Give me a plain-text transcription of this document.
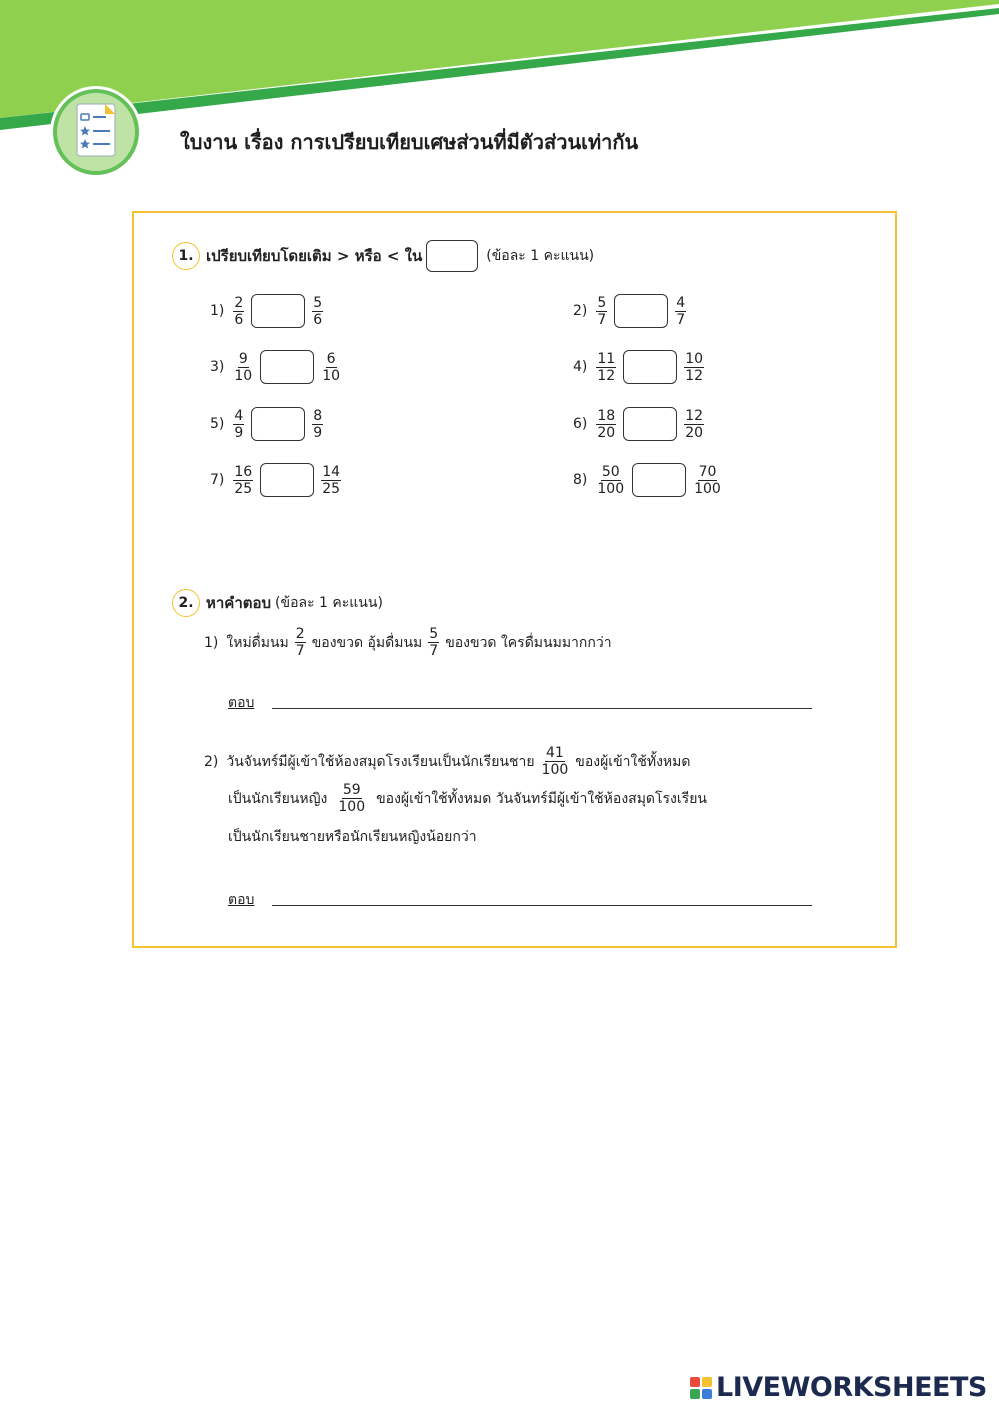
ใบงาน เรื่อง การเปรียบเทียบเศษส่วนที่มีตัวส่วนเท่ากัน
1. เปรียบเทียบโดยเติม > หรือ < ใน	(ข้อละ 1 คะแนน)
$1) \frac{2}{6}$	$\frac{5}{6}$	$2) \frac{5}{7}$	$\frac{4}{7}$
$3) \frac{9}{10}$	$\frac{6}{10}$	$4) \frac{11}{12}$	$\frac{10}{12}$
$5) \frac{4}{9}$	$\frac{8}{9}$	$6) \frac{18}{20}$	$\frac{12}{20}$
$7) \frac{16}{25}$	$\frac{14}{25}$	$8) \frac{50}{100}$	$\frac{70}{100}$
2. หาคำตอบ (ข้อละ 1 คะแนน)
1) ใหม่ดื่มนม $\frac{2}{7}$ ของขวด อุ้มดื่มนม $\frac{5}{7}$ ของขวด ใครดื่มนมมากกว่า
ตอบ
2) วันจันทร์มีผู้เข้าใช้ห้องสมุดโรงเรียนเป็นนักเรียนชาย $\frac{41}{100}$ ของผู้เข้าใช้ทั้งหมด
เป็นนักเรียนหญิง $\frac{59}{100}$ ของผู้เข้าใช้ทั้งหมด วันจันทร์มีผู้เข้าใช้ห้องสมุดโรงเรียน
เป็นนักเรียนชายหรือนักเรียนหญิงน้อยกว่า
ตอบ
LIVEWORKSHEETS
